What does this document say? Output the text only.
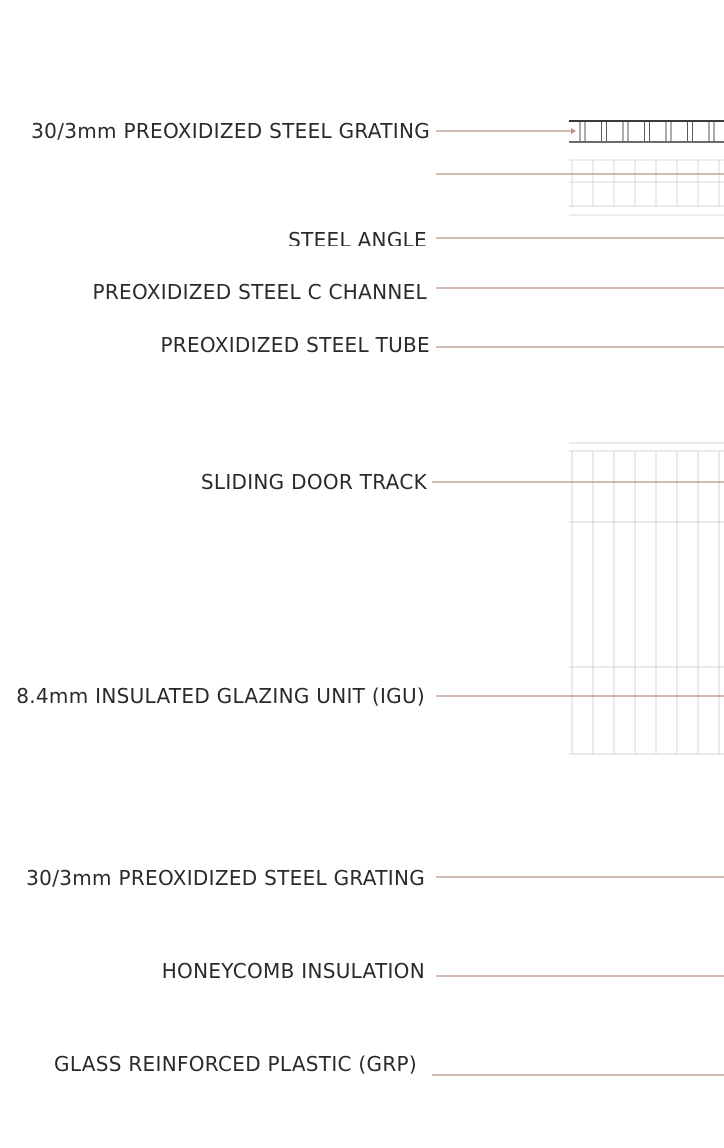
30/3mm PREOXIDIZED STEEL GRATING
STEEL ANGLE
PREOXIDIZED STEEL C CHANNEL
PREOXIDIZED STEEL TUBE
SLIDING DOOR TRACK
8.4mm INSULATED GLAZING UNIT (IGU)
30/3mm PREOXIDIZED STEEL GRATING
HONEYCOMB INSULATION
GLASS REINFORCED PLASTIC (GRP)
